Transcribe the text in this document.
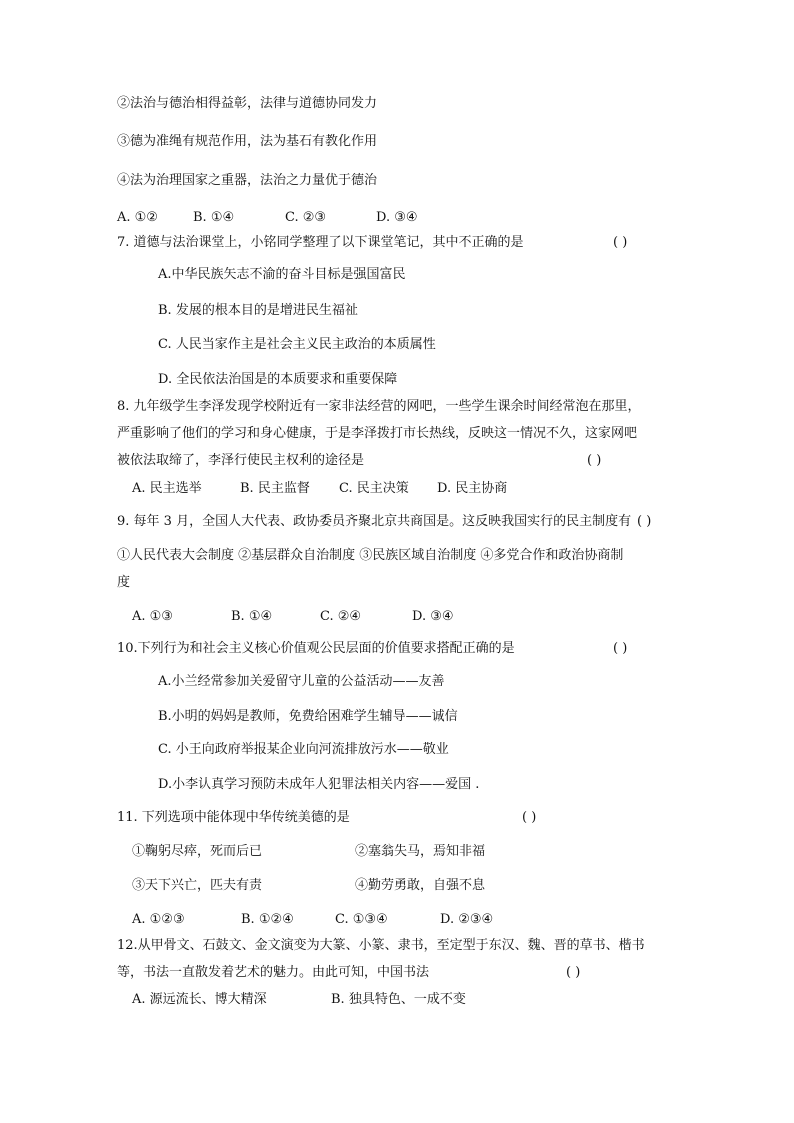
②法治与德治相得益彰，法律与道德协同发力
③德为准绳有规范作用，法为基石有教化作用
④法为治理国家之重器，法治之力量优于德治
A. ①②	B. ①④	C. ②③	D. ③④
7. 道德与法治课堂上，小铭同学整理了以下课堂笔记，其中不正确的是	( )
A.中华民族矢志不渝的奋斗目标是强国富民
B. 发展的根本目的是增进民生福祉
C. 人民当家作主是社会主义民主政治的本质属性
D. 全民依法治国是的本质要求和重要保障
8. 九年级学生李泽发现学校附近有一家非法经营的网吧，一些学生课余时间经常泡在那里，
严重影响了他们的学习和身心健康，于是李泽拨打市长热线，反映这一情况不久，这家网吧
被依法取缔了，李泽行使民主权利的途径是	( )
A. 民主选举	B. 民主监督 C. 民主决策 D. 民主协商
9. 每年 3 月，全国人大代表、政协委员齐聚北京共商国是。这反映我国实行的民主制度有 ( )
①人民代表大会制度 ②基层群众自治制度 ③民族区域自治制度 ④多党合作和政治协商制
度
A. ①③	B. ①④	C. ②④	D. ③④
10.下列行为和社会主义核心价值观公民层面的价值要求搭配正确的是	( )
A.小兰经常参加关爱留守儿童的公益活动——友善
B.小明的妈妈是教师，免费给困难学生辅导——诚信
C. 小王向政府举报某企业向河流排放污水——敬业
D.小李认真学习预防未成年人犯罪法相关内容——爱国 .
11. 下列选项中能体现中华传统美德的是	( )
①鞠躬尽瘁，死而后已	②塞翁失马，焉知非福
③天下兴亡，匹夫有责	④勤劳勇敢，自强不息
A. ①②③	B. ①②④	C. ①③④	D. ②③④
12.从甲骨文、石鼓文、金文演变为大篆、小篆、隶书，至定型于东汉、魏、晋的草书、楷书
等，书法一直散发着艺术的魅力。由此可知，中国书法	( )
A. 源远流长、博大精深	B. 独具特色、一成不变
